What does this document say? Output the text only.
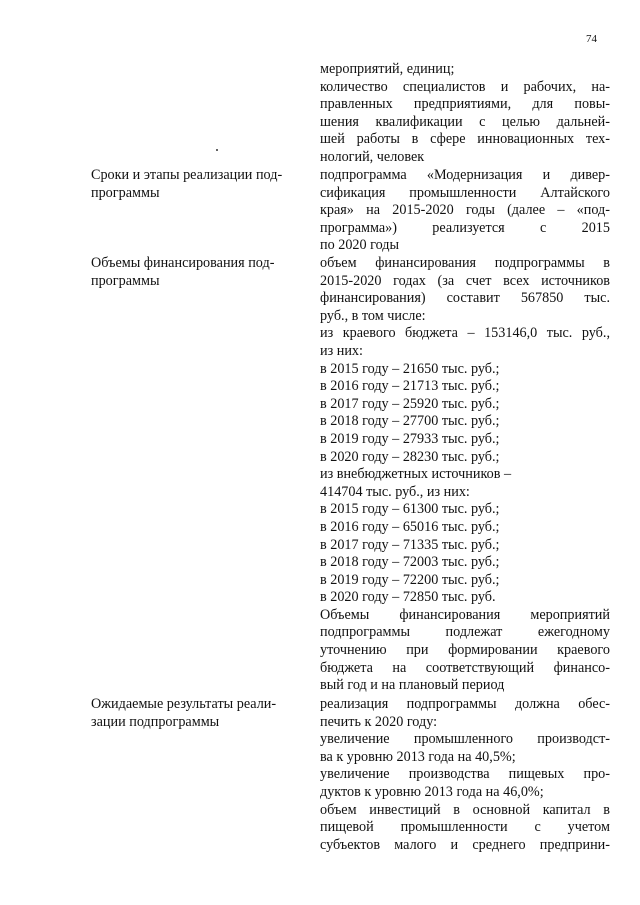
74
мероприятий, единиц;
количество специалистов и рабочих, на-
правленных предприятиями, для повы-
шения квалификации с целью дальней-
шей работы в сфере инновационных тех-
нологий, человек
Сроки и этапы реализации под-
программы
подпрограмма «Модернизация и дивер-
сификация промышленности Алтайского
края» на 2015-2020 годы (далее – «под-
программа») реализуется с 2015
по 2020 годы
Объемы финансирования под-
программы
объем финансирования подпрограммы в
2015-2020 годах (за счет всех источников
финансирования) составит 567850 тыс.
руб., в том числе:
из краевого бюджета – 153146,0 тыс. руб.,
из них:
в 2015 году – 21650 тыс. руб.;
в 2016 году – 21713 тыс. руб.;
в 2017 году – 25920 тыс. руб.;
в 2018 году – 27700 тыс. руб.;
в 2019 году – 27933 тыс. руб.;
в 2020 году – 28230 тыс. руб.;
из внебюджетных источников –
414704 тыс. руб., из них:
в 2015 году – 61300 тыс. руб.;
в 2016 году – 65016 тыс. руб.;
в 2017 году – 71335 тыс. руб.;
в 2018 году – 72003 тыс. руб.;
в 2019 году – 72200 тыс. руб.;
в 2020 году – 72850 тыс. руб.
Объемы финансирования мероприятий
подпрограммы подлежат ежегодному
уточнению при формировании краевого
бюджета на соответствующий финансо-
вый год и на плановый период
Ожидаемые результаты реали-
зации подпрограммы
реализация подпрограммы должна обес-
печить к 2020 году:
увеличение промышленного производст-
ва к уровню 2013 года на 40,5%;
увеличение производства пищевых про-
дуктов к уровню 2013 года на 46,0%;
объем инвестиций в основной капитал в
пищевой промышленности с учетом
субъектов малого и среднего предприни-
